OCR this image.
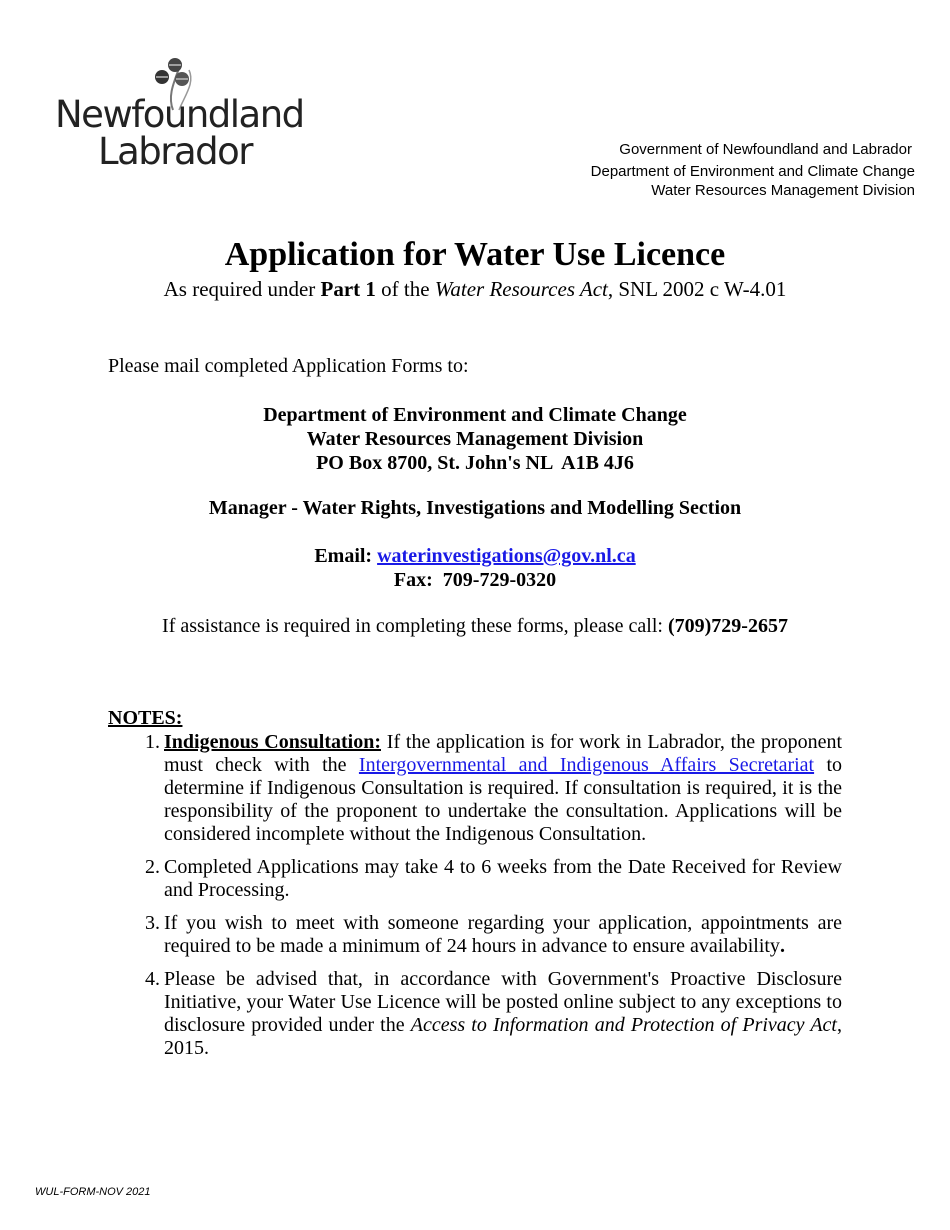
Newfoundland
Labrador	Government of Newfoundland and Labrador
Department of Environment and Climate Change
Water Resources Management Division
Application for Water Use Licence
As required under Part 1 of the Water Resources Act, SNL 2002 c W-4.01
Please mail completed Application Forms to:
Department of Environment and Climate Change
Water Resources Management Division
PO Box 8700, St. John's NL  A1B 4J6
Manager - Water Rights, Investigations and Modelling Section
Email: waterinvestigations@gov.nl.ca
Fax:  709-729-0320
If assistance is required in completing these forms, please call: (709)729-2657
NOTES:
1. Indigenous Consultation: If the application is for work in Labrador, the proponent must check with the Intergovernmental and Indigenous Affairs Secretariat to determine if Indigenous Consultation is required. If consultation is required, it is the responsibility of the proponent to undertake the consultation. Applications will be considered incomplete without the Indigenous Consultation.
2. Completed Applications may take 4 to 6 weeks from the Date Received for Review and Processing.
3. If you wish to meet with someone regarding your application, appointments are required to be made a minimum of 24 hours in advance to ensure availability.
4. Please be advised that, in accordance with Government's Proactive Disclosure Initiative, your Water Use Licence will be posted online subject to any exceptions to disclosure provided under the Access to Information and Protection of Privacy Act, 2015.
WUL-FORM-NOV 2021
